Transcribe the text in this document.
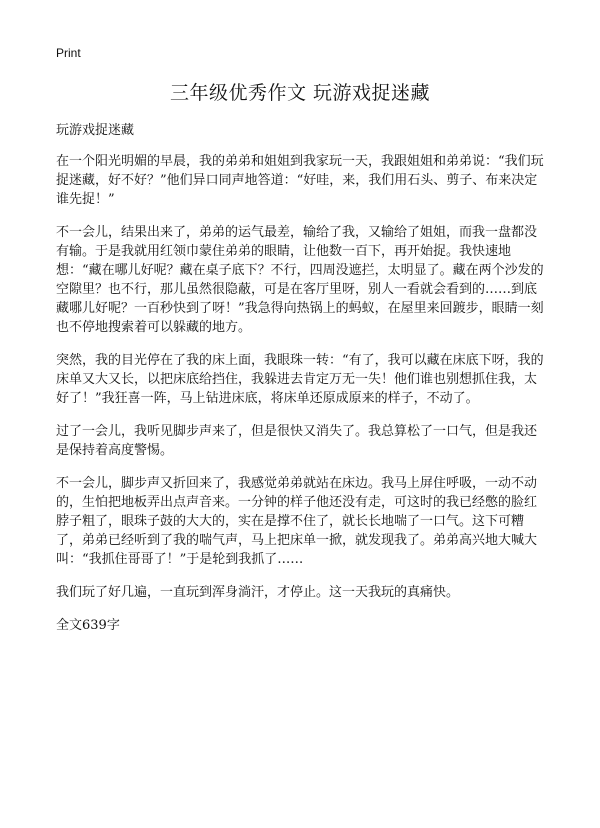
Print
三年级优秀作文 玩游戏捉迷藏

玩游戏捉迷藏

在一个阳光明媚的早晨，我的弟弟和姐姐到我家玩一天，我跟姐姐和弟弟说：“我们玩捉迷藏，好不好？”他们异口同声地答道：“好哇，来，我们用石头、剪子、布来决定谁先捉！”

不一会儿，结果出来了，弟弟的运气最差，输给了我，又输给了姐姐，而我一盘都没有输。于是我就用红领巾蒙住弟弟的眼睛，让他数一百下，再开始捉。我快速地想：“藏在哪儿好呢？藏在桌子底下？不行，四周没遮拦，太明显了。藏在两个沙发的空隙里？也不行，那儿虽然很隐蔽，可是在客厅里呀，别人一看就会看到的……到底藏哪儿好呢？一百秒快到了呀！”我急得向热锅上的蚂蚁，在屋里来回踱步，眼睛一刻也不停地搜索着可以躲藏的地方。

突然，我的目光停在了我的床上面，我眼珠一转：“有了，我可以藏在床底下呀，我的床单又大又长，以把床底给挡住，我躲进去肯定万无一失！他们谁也别想抓住我，太好了！”我狂喜一阵，马上钻进床底，将床单还原成原来的样子，不动了。

过了一会儿，我听见脚步声来了，但是很快又消失了。我总算松了一口气，但是我还是保持着高度警惕。

不一会儿，脚步声又折回来了，我感觉弟弟就站在床边。我马上屏住呼吸，一动不动的，生怕把地板弄出点声音来。一分钟的样子他还没有走，可这时的我已经憋的脸红脖子粗了，眼珠子鼓的大大的，实在是撑不住了，就长长地喘了一口气。这下可糟了，弟弟已经听到了我的喘气声，马上把床单一掀，就发现我了。弟弟高兴地大喊大叫：“我抓住哥哥了！”于是轮到我抓了……

我们玩了好几遍，一直玩到浑身淌汗，才停止。这一天我玩的真痛快。

全文639字
